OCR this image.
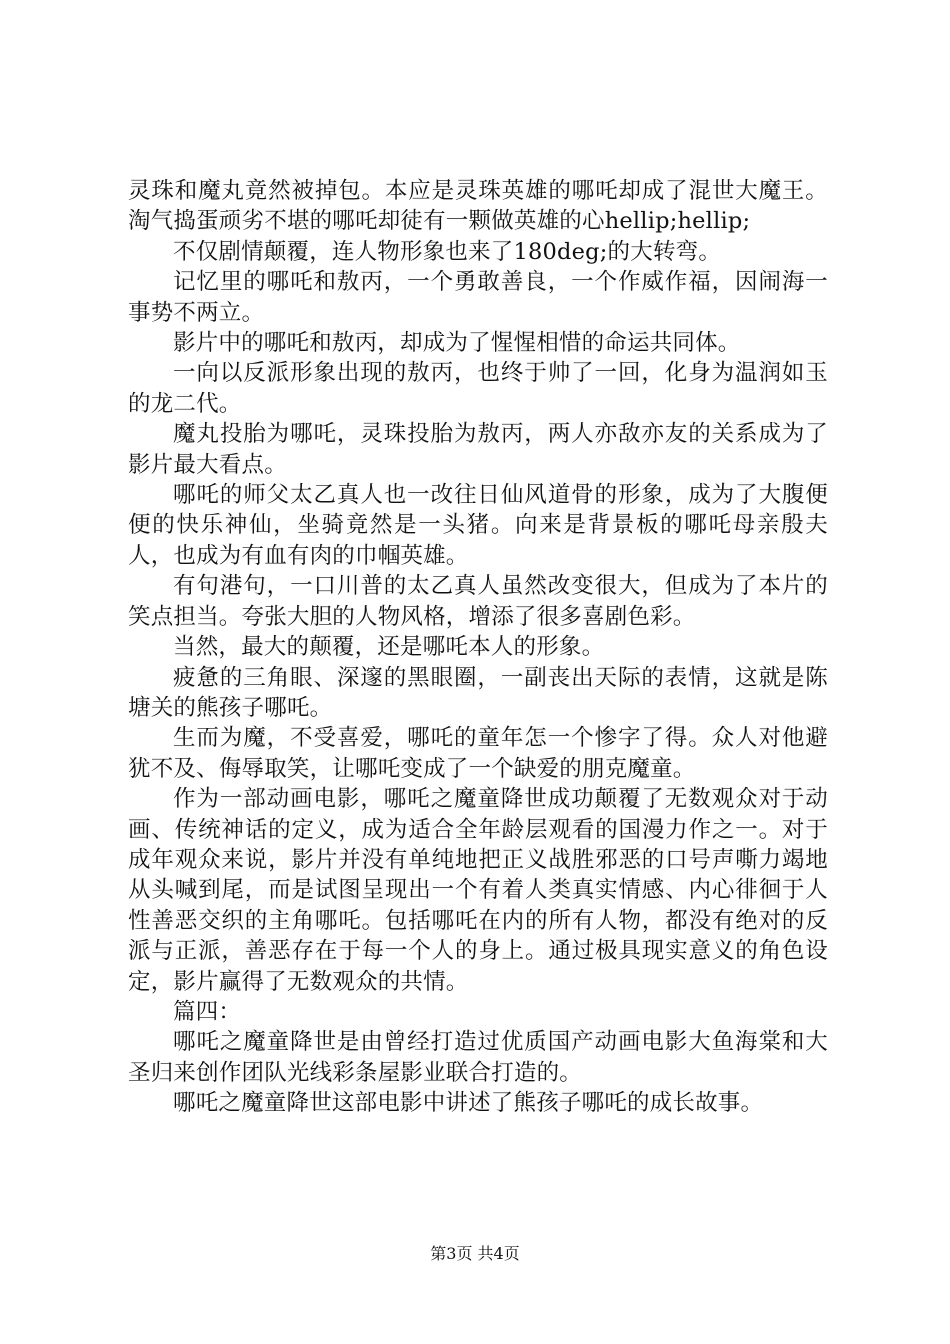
灵珠和魔丸竟然被掉包。本应是灵珠英雄的哪吒却成了混世大魔王。淘气捣蛋顽劣不堪的哪吒却徒有一颗做英雄的心hellip;hellip;

不仅剧情颠覆，连人物形象也来了180deg;的大转弯。

记忆里的哪吒和敖丙，一个勇敢善良，一个作威作福，因闹海一事势不两立。

影片中的哪吒和敖丙，却成为了惺惺相惜的命运共同体。

一向以反派形象出现的敖丙，也终于帅了一回，化身为温润如玉的龙二代。

魔丸投胎为哪吒，灵珠投胎为敖丙，两人亦敌亦友的关系成为了影片最大看点。

哪吒的师父太乙真人也一改往日仙风道骨的形象，成为了大腹便便的快乐神仙，坐骑竟然是一头猪。向来是背景板的哪吒母亲殷夫人，也成为有血有肉的巾帼英雄。

有句港句，一口川普的太乙真人虽然改变很大，但成为了本片的笑点担当。夸张大胆的人物风格，增添了很多喜剧色彩。

当然，最大的颠覆，还是哪吒本人的形象。

疲惫的三角眼、深邃的黑眼圈，一副丧出天际的表情，这就是陈塘关的熊孩子哪吒。

生而为魔，不受喜爱，哪吒的童年怎一个惨字了得。众人对他避犹不及、侮辱取笑，让哪吒变成了一个缺爱的朋克魔童。

作为一部动画电影，哪吒之魔童降世成功颠覆了无数观众对于动画、传统神话的定义，成为适合全年龄层观看的国漫力作之一。对于成年观众来说，影片并没有单纯地把正义战胜邪恶的口号声嘶力竭地从头喊到尾，而是试图呈现出一个有着人类真实情感、内心徘徊于人性善恶交织的主角哪吒。包括哪吒在内的所有人物，都没有绝对的反派与正派，善恶存在于每一个人的身上。通过极具现实意义的角色设定，影片赢得了无数观众的共情。

篇四：

哪吒之魔童降世是由曾经打造过优质国产动画电影大鱼海棠和大圣归来创作团队光线彩条屋影业联合打造的。

哪吒之魔童降世这部电影中讲述了熊孩子哪吒的成长故事。

第3页 共4页
